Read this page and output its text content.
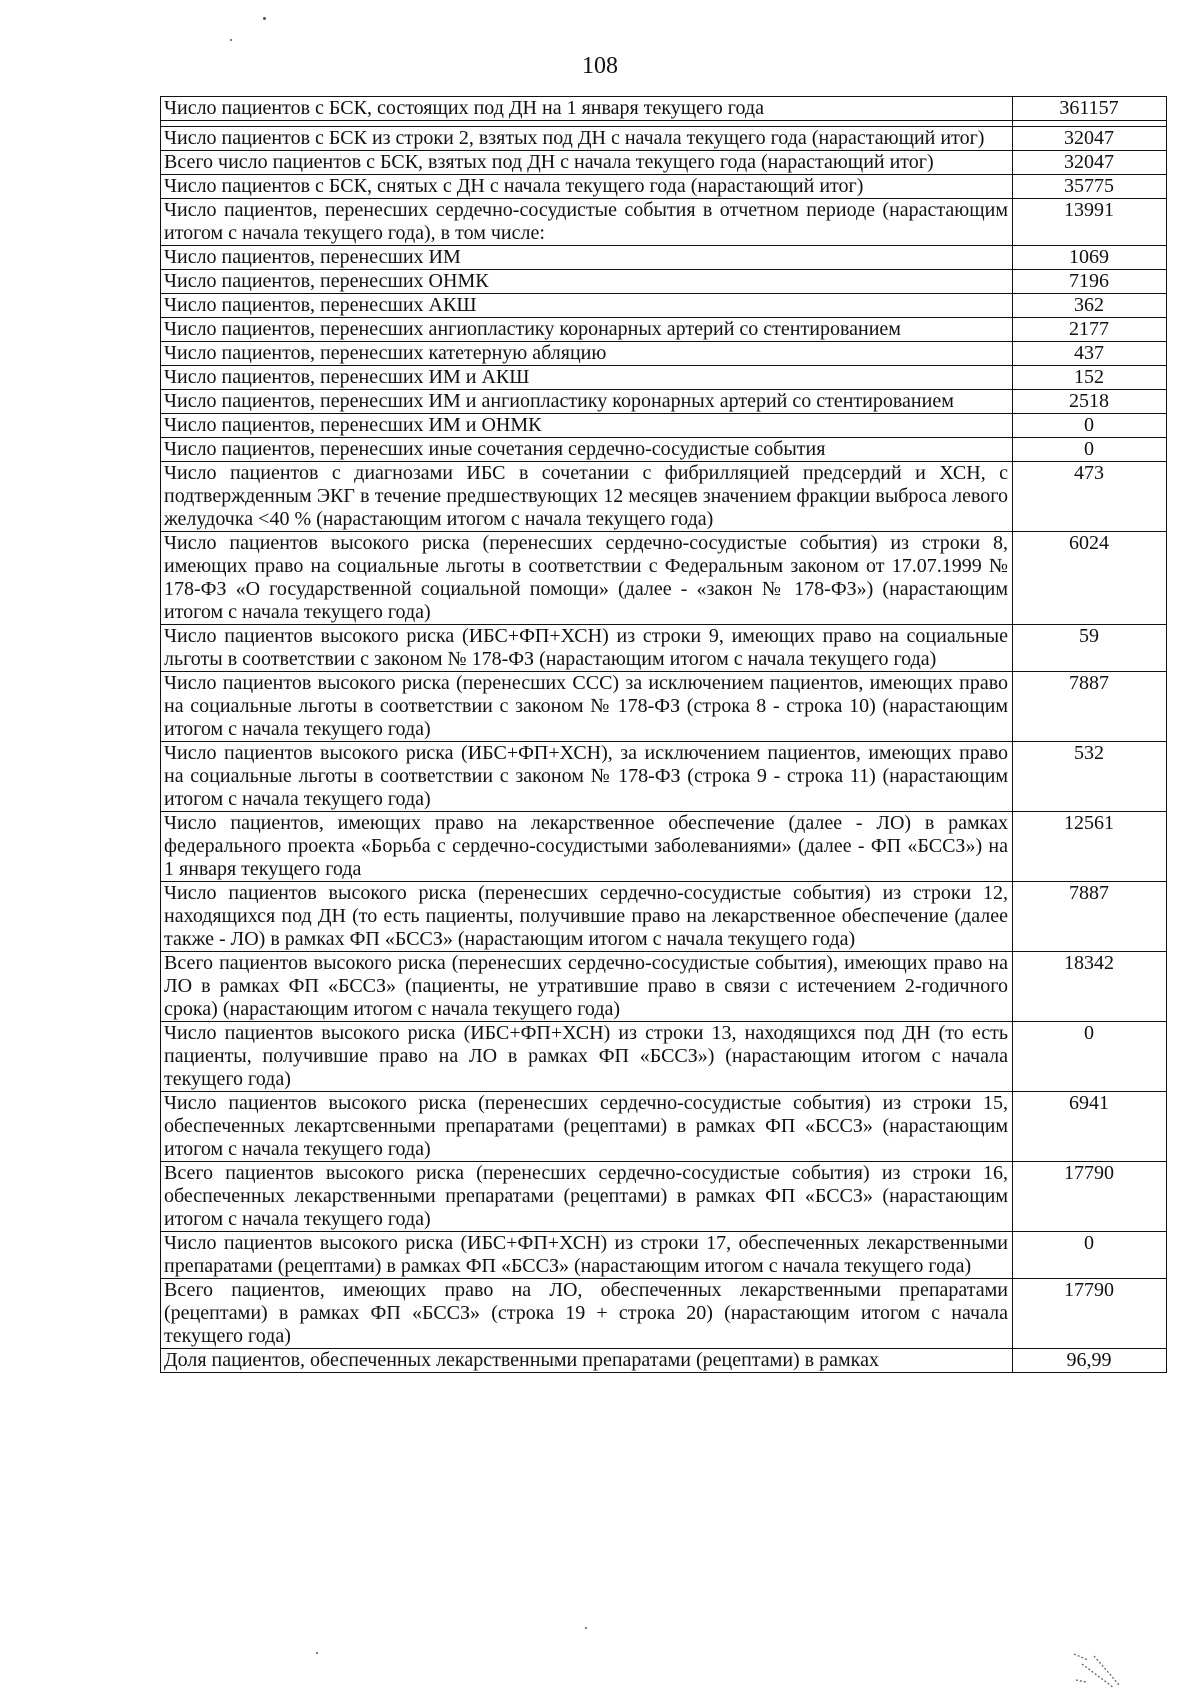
108
Число пациентов с БСК, состоящих под ДН на 1 января текущего года	361157

Число пациентов с БСК из строки 2, взятых под ДН с начала текущего года (нарастающий итог)	32047
Всего число пациентов с БСК, взятых под ДН с начала текущего года (нарастающий итог)	32047
Число пациентов с БСК, снятых с ДН с начала текущего года (нарастающий итог)	35775
Число пациентов, перенесших сердечно-сосудистые события в отчетном периоде (нарастающим итогом с начала текущего года), в том числе:	13991
Число пациентов, перенесших ИМ	1069
Число пациентов, перенесших ОНМК	7196
Число пациентов, перенесших АКШ	362
Число пациентов, перенесших ангиопластику коронарных артерий со стентированием	2177
Число пациентов, перенесших катетерную абляцию	437
Число пациентов, перенесших ИМ и АКШ	152
Число пациентов, перенесших ИМ и ангиопластику коронарных артерий со стентированием	2518
Число пациентов, перенесших ИМ и ОНМК	0
Число пациентов, перенесших иные сочетания сердечно-сосудистые события	0
Число пациентов с диагнозами ИБС в сочетании с фибрилляцией предсердий и ХСН, с подтвержденным ЭКГ в течение предшествующих 12 месяцев значением фракции выброса левого желудочка <40 % (нарастающим итогом с начала текущего года)	473
Число пациентов высокого риска (перенесших сердечно-сосудистые события) из строки 8, имеющих право на социальные льготы в соответствии с Федеральным законом от 17.07.1999 № 178-ФЗ «О государственной социальной помощи» (далее - «закон № 178-ФЗ») (нарастающим итогом с начала текущего года)	6024
Число пациентов высокого риска (ИБС+ФП+ХСН) из строки 9, имеющих право на социальные льготы в соответствии с законом № 178-ФЗ (нарастающим итогом с начала текущего года)	59
Число пациентов высокого риска (перенесших ССС) за исключением пациентов, имеющих право на социальные льготы в соответствии с законом № 178-ФЗ (строка 8 - строка 10) (нарастающим итогом с начала текущего года)	7887
Число пациентов высокого риска (ИБС+ФП+ХСН), за исключением пациентов, имеющих право на социальные льготы в соответствии с законом № 178-ФЗ (строка 9 - строка 11) (нарастающим итогом с начала текущего года)	532
Число пациентов, имеющих право на лекарственное обеспечение (далее - ЛО) в рамках федерального проекта «Борьба с сердечно-сосудистыми заболеваниями» (далее - ФП «БССЗ») на 1 января текущего года	12561
Число пациентов высокого риска (перенесших сердечно-сосудистые события) из строки 12, находящихся под ДН (то есть пациенты, получившие право на лекарственное обеспечение (далее также - ЛО) в рамках ФП «БССЗ» (нарастающим итогом с начала текущего года)	7887
Всего пациентов высокого риска (перенесших сердечно-сосудистые события), имеющих право на ЛО в рамках ФП «БССЗ» (пациенты, не утратившие право в связи с истечением 2-годичного срока) (нарастающим итогом с начала текущего года)	18342
Число пациентов высокого риска (ИБС+ФП+ХСН) из строки 13, находящихся под ДН (то есть пациенты, получившие право на ЛО в рамках ФП «БССЗ») (нарастающим итогом с начала текущего года)	0
Число пациентов высокого риска (перенесших сердечно-сосудистые события) из строки 15, обеспеченных лекартсвенными препаратами (рецептами) в рамках ФП «БССЗ» (нарастающим итогом с начала текущего года)	6941
Всего пациентов высокого риска (перенесших сердечно-сосудистые события) из строки 16, обеспеченных лекарственными препаратами (рецептами) в рамках ФП «БССЗ» (нарастающим итогом с начала текущего года)	17790
Число пациентов высокого риска (ИБС+ФП+ХСН) из строки 17, обеспеченных лекарственными препаратами (рецептами) в рамках ФП «БССЗ» (нарастающим итогом с начала текущего года)	0
Всего пациентов, имеющих право на ЛО, обеспеченных лекарственными препаратами (рецептами) в рамках ФП «БССЗ» (строка 19 + строка 20) (нарастающим итогом с начала текущего года)	17790
Доля пациентов, обеспеченных лекарственными препаратами (рецептами) в рамках	96,99
